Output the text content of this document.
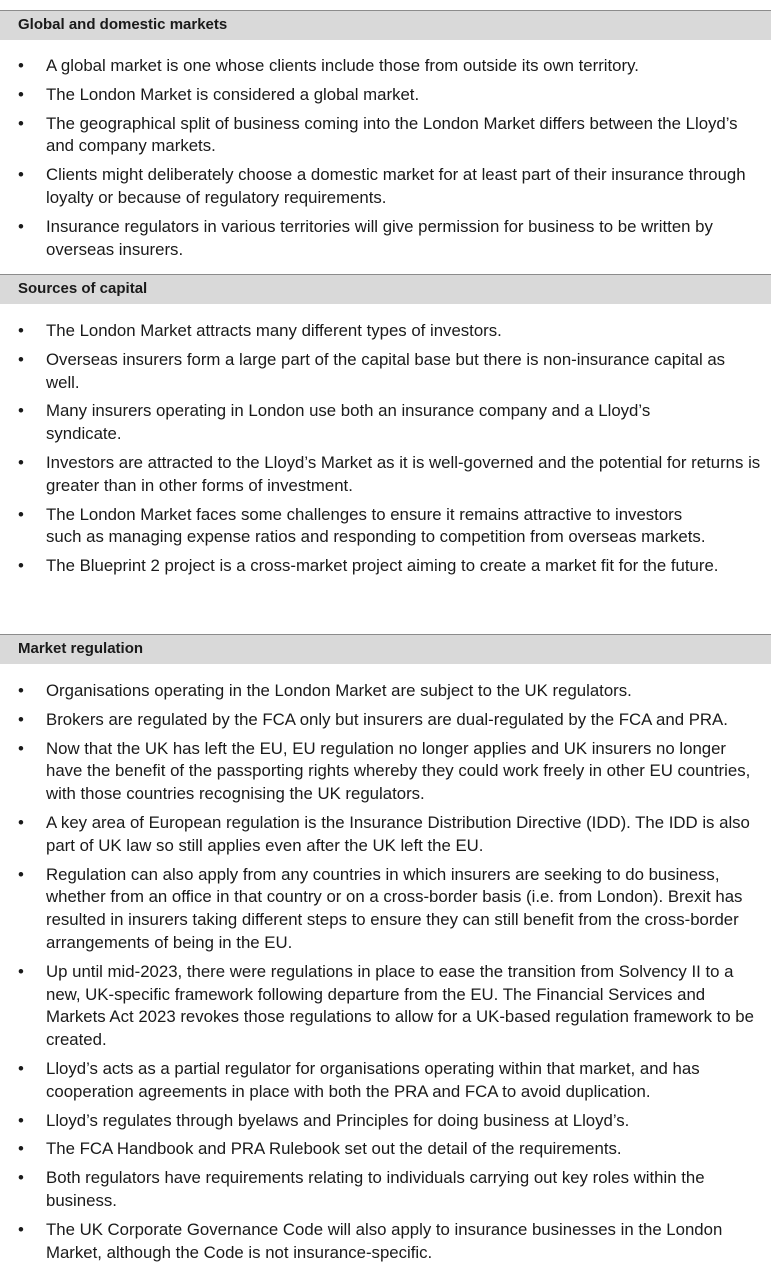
Global and domestic markets
• A global market is one whose clients include those from outside its own territory.
• The London Market is considered a global market.
• The geographical split of business coming into the London Market differs between the Lloyd’s and company markets.
• Clients might deliberately choose a domestic market for at least part of their insurance through loyalty or because of regulatory requirements.
• Insurance regulators in various territories will give permission for business to be written by overseas insurers.
Sources of capital
• The London Market attracts many different types of investors.
• Overseas insurers form a large part of the capital base but there is non-insurance capital as well.
• Many insurers operating in London use both an insurance company and a Lloyd’s syndicate.
• Investors are attracted to the Lloyd’s Market as it is well-governed and the potential for returns is greater than in other forms of investment.
• The London Market faces some challenges to ensure it remains attractive to investors such as managing expense ratios and responding to competition from overseas markets.
• The Blueprint 2 project is a cross-market project aiming to create a market fit for the future.
Market regulation
• Organisations operating in the London Market are subject to the UK regulators.
• Brokers are regulated by the FCA only but insurers are dual-regulated by the FCA and PRA.
• Now that the UK has left the EU, EU regulation no longer applies and UK insurers no longer have the benefit of the passporting rights whereby they could work freely in other EU countries, with those countries recognising the UK regulators.
• A key area of European regulation is the Insurance Distribution Directive (IDD). The IDD is also part of UK law so still applies even after the UK left the EU.
• Regulation can also apply from any countries in which insurers are seeking to do business, whether from an office in that country or on a cross-border basis (i.e. from London). Brexit has resulted in insurers taking different steps to ensure they can still benefit from the cross-border arrangements of being in the EU.
• Up until mid-2023, there were regulations in place to ease the transition from Solvency II to a new, UK-specific framework following departure from the EU. The Financial Services and Markets Act 2023 revokes those regulations to allow for a UK-based regulation framework to be created.
• Lloyd’s acts as a partial regulator for organisations operating within that market, and has cooperation agreements in place with both the PRA and FCA to avoid duplication.
• Lloyd’s regulates through byelaws and Principles for doing business at Lloyd’s.
• The FCA Handbook and PRA Rulebook set out the detail of the requirements.
• Both regulators have requirements relating to individuals carrying out key roles within the business.
• The UK Corporate Governance Code will also apply to insurance businesses in the London Market, although the Code is not insurance-specific.
